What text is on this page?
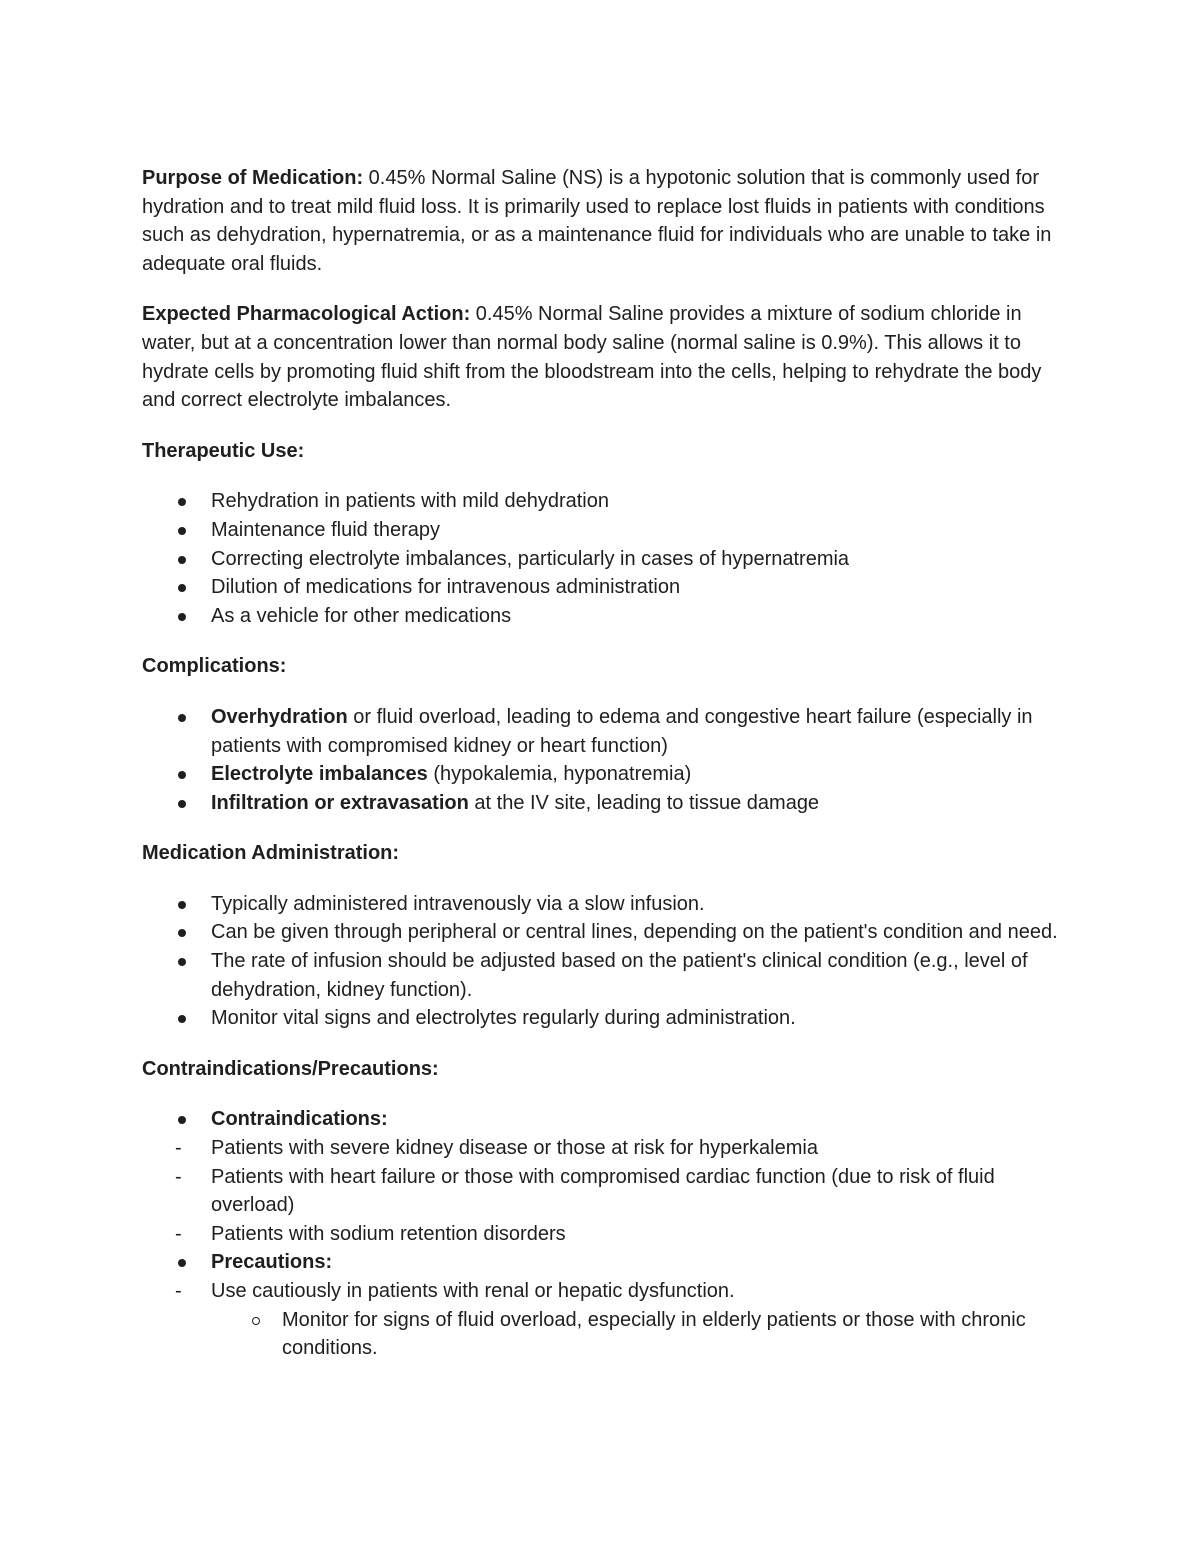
Purpose of Medication: 0.45% Normal Saline (NS) is a hypotonic solution that is commonly used for hydration and to treat mild fluid loss. It is primarily used to replace lost fluids in patients with conditions such as dehydration, hypernatremia, or as a maintenance fluid for individuals who are unable to take in adequate oral fluids.

Expected Pharmacological Action: 0.45% Normal Saline provides a mixture of sodium chloride in water, but at a concentration lower than normal body saline (normal saline is 0.9%). This allows it to hydrate cells by promoting fluid shift from the bloodstream into the cells, helping to rehydrate the body and correct electrolyte imbalances.

Therapeutic Use:
Rehydration in patients with mild dehydration
Maintenance fluid therapy
Correcting electrolyte imbalances, particularly in cases of hypernatremia
Dilution of medications for intravenous administration
As a vehicle for other medications
Complications:
Overhydration or fluid overload, leading to edema and congestive heart failure (especially in patients with compromised kidney or heart function)
Electrolyte imbalances (hypokalemia, hyponatremia)
Infiltration or extravasation at the IV site, leading to tissue damage
Medication Administration:
Typically administered intravenously via a slow infusion.
Can be given through peripheral or central lines, depending on the patient's condition and need.
The rate of infusion should be adjusted based on the patient's clinical condition (e.g., level of dehydration, kidney function).
Monitor vital signs and electrolytes regularly during administration.
Contraindications/Precautions:
Contraindications:
-
Patients with severe kidney disease or those at risk for hyperkalemia
-
Patients with heart failure or those with compromised cardiac function (due to risk of fluid overload)
-
Patients with sodium retention disorders
Precautions:
-
Use cautiously in patients with renal or hepatic dysfunction.
Monitor for signs of fluid overload, especially in elderly patients or those with chronic conditions.
